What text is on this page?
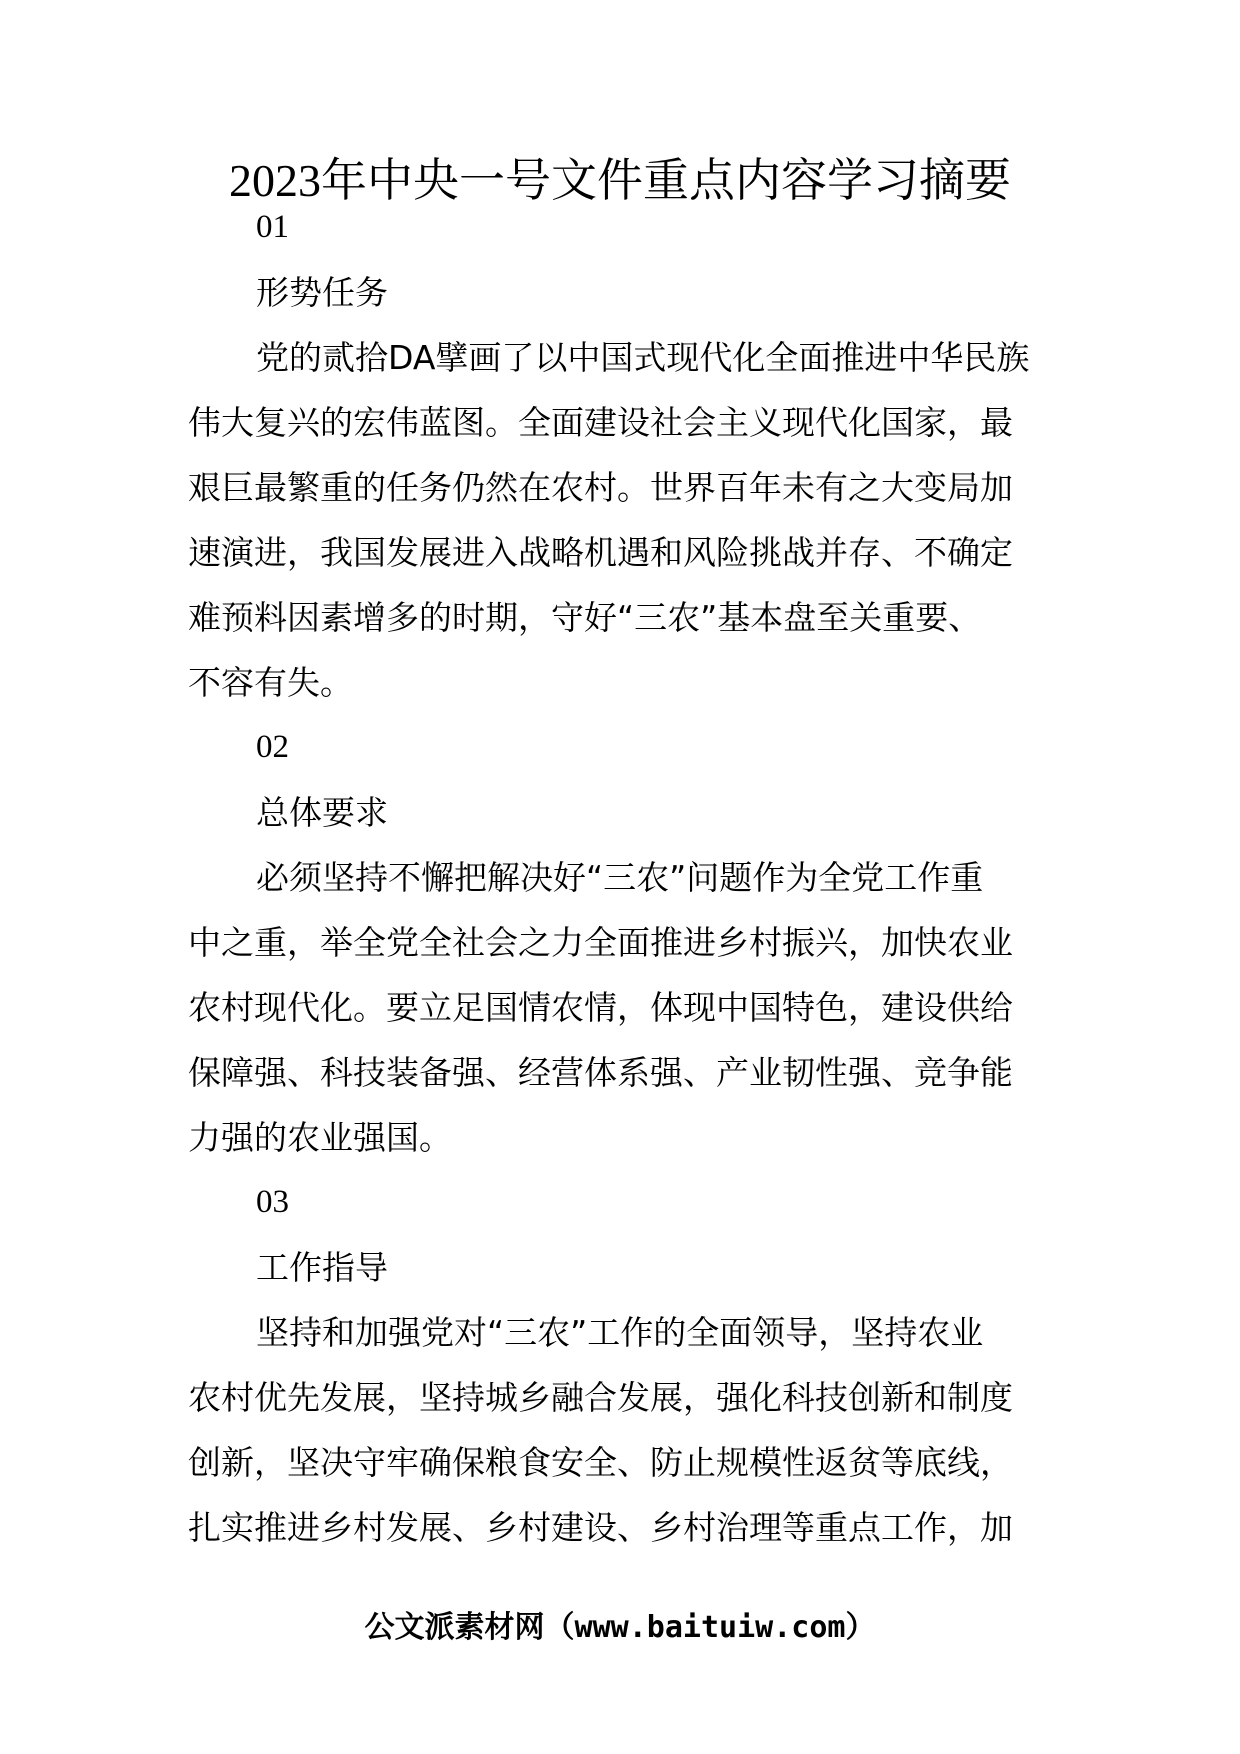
2023年中央一号文件重点内容学习摘要
01
形势任务
党的贰拾DA擘画了以中国式现代化全面推进中华民族
伟大复兴的宏伟蓝图。全面建设社会主义现代化国家，最
艰巨最繁重的任务仍然在农村。世界百年未有之大变局加
速演进，我国发展进入战略机遇和风险挑战并存、不确定
难预料因素增多的时期，守好“三农”基本盘至关重要、
不容有失。
02
总体要求
必须坚持不懈把解决好“三农”问题作为全党工作重
中之重，举全党全社会之力全面推进乡村振兴，加快农业
农村现代化。要立足国情农情，体现中国特色，建设供给
保障强、科技装备强、经营体系强、产业韧性强、竞争能
力强的农业强国。
03
工作指导
坚持和加强党对“三农”工作的全面领导，坚持农业
农村优先发展，坚持城乡融合发展，强化科技创新和制度
创新，坚决守牢确保粮食安全、防止规模性返贫等底线，
扎实推进乡村发展、乡村建设、乡村治理等重点工作，加
公文派素材网（www.baituiw.com）
